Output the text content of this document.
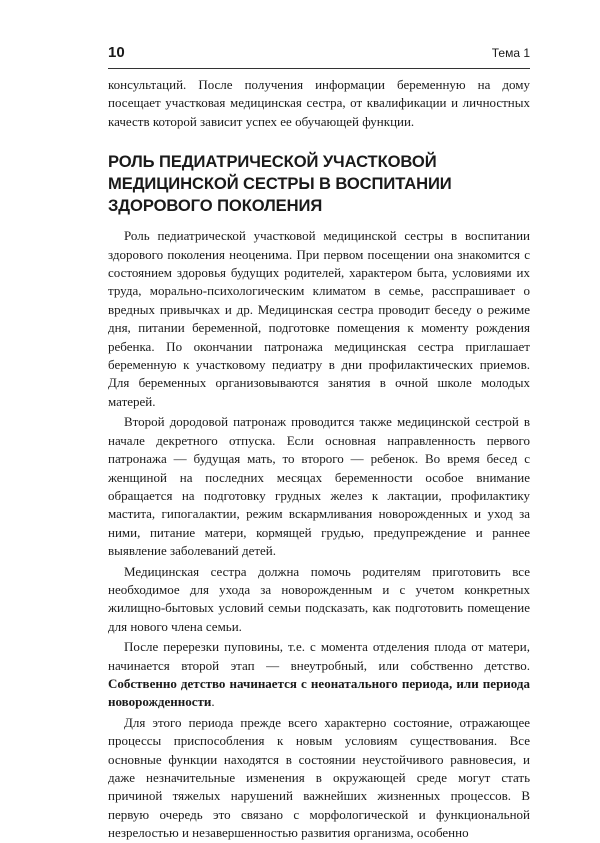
10	Тема 1

консультаций. После получения информации беременную на дому посещает участковая медицинская сестра, от квалификации и личностных качеств которой зависит успех ее обучающей функции.

РОЛЬ ПЕДИАТРИЧЕСКОЙ УЧАСТКОВОЙ МЕДИЦИНСКОЙ СЕСТРЫ В ВОСПИТАНИИ ЗДОРОВОГО ПОКОЛЕНИЯ

Роль педиатрической участковой медицинской сестры в воспитании здорового поколения неоценима. При первом посещении она знакомится с состоянием здоровья будущих родителей, характером быта, условиями их труда, морально-психологическим климатом в семье, расспрашивает о вредных привычках и др. Медицинская сестра проводит беседу о режиме дня, питании беременной, подготовке помещения к моменту рождения ребенка. По окончании патронажа медицинская сестра приглашает беременную к участковому педиатру в дни профилактических приемов. Для беременных организовываются занятия в очной школе молодых матерей.

Второй дородовой патронаж проводится также медицинской сестрой в начале декретного отпуска. Если основная направленность первого патронажа — будущая мать, то второго — ребенок. Во время бесед с женщиной на последних месяцах беременности особое внимание обращается на подготовку грудных желез к лактации, профилактику мастита, гипогалактии, режим вскармливания новорожденных и уход за ними, питание матери, кормящей грудью, предупреждение и раннее выявление заболеваний детей.

Медицинская сестра должна помочь родителям приготовить все необходимое для ухода за новорожденным и с учетом конкретных жилищно-бытовых условий семьи подсказать, как подготовить помещение для нового члена семьи.

После перерезки пуповины, т.е. с момента отделения плода от матери, начинается второй этап — внеутробный, или собственно детство. Собственно детство начинается с неонатального периода, или периода новорожденности.

Для этого периода прежде всего характерно состояние, отражающее процессы приспособления к новым условиям существования. Все основные функции находятся в состоянии неустойчивого равновесия, и даже незначительные изменения в окружающей среде могут стать причиной тяжелых нарушений важнейших жизненных процессов. В первую очередь это связано с морфологической и функциональной незрелостью и незавершенностью развития организма, особенно
